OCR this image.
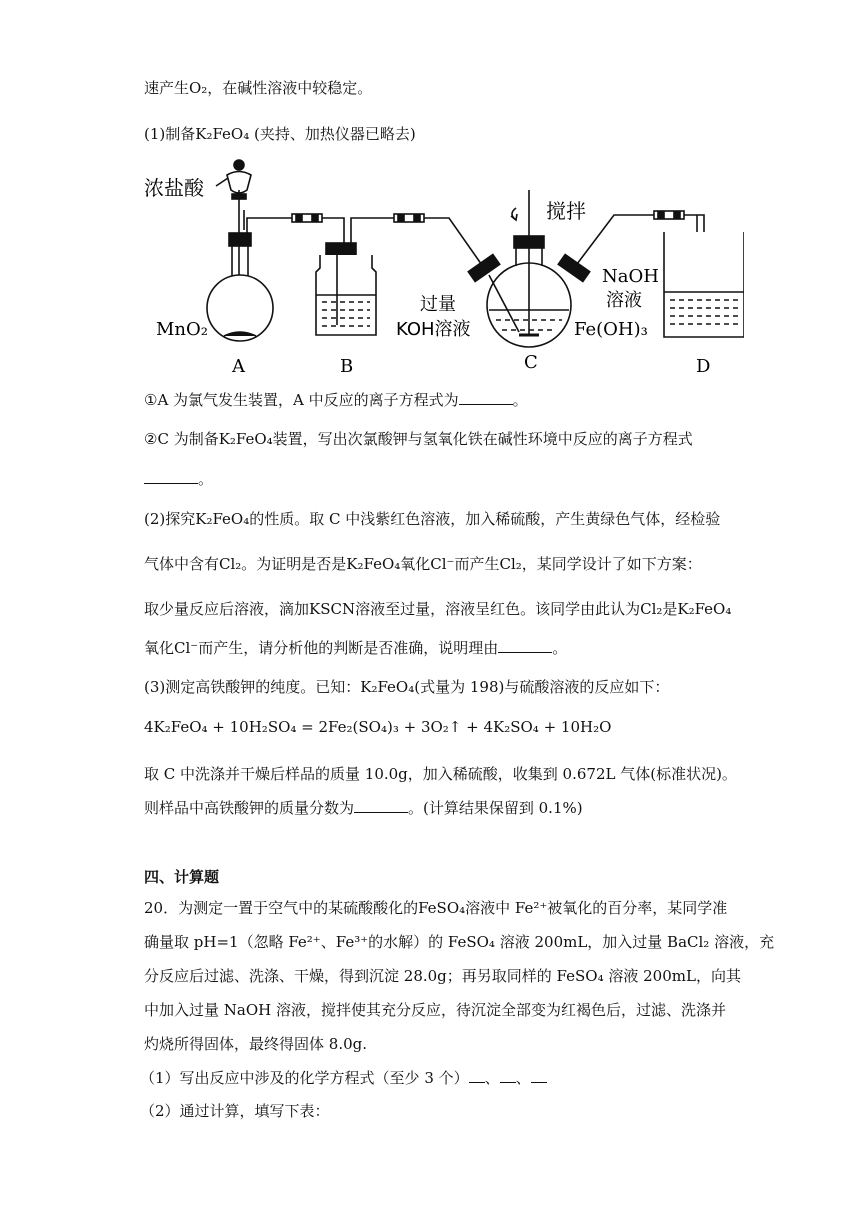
速产生O₂，在碱性溶液中较稳定。
(1)制备K₂FeO₄ (夹持、加热仪器已略去)
浓盐酸
搅拌
NaOH
溶液
过量
KOH溶液	Fe(OH)₃
MnO₂
A	B	C	D
①A 为氯气发生装置，A 中反应的离子方程式为	。
②C 为制备K₂FeO₄装置，写出次氯酸钾与氢氧化铁在碱性环境中反应的离子方程式
。
(2)探究K₂FeO₄的性质。取 C 中浅紫红色溶液，加入稀硫酸，产生黄绿色气体，经检验
气体中含有Cl₂。为证明是否是K₂FeO₄氧化Cl⁻而产生Cl₂，某同学设计了如下方案：
取少量反应后溶液，滴加KSCN溶液至过量，溶液呈红色。该同学由此认为Cl₂是K₂FeO₄
氧化Cl⁻而产生，请分析他的判断是否准确，说明理由	。
(3)测定高铁酸钾的纯度。已知：K₂FeO₄(式量为 198)与硫酸溶液的反应如下：
4K₂FeO₄ + 10H₂SO₄ = 2Fe₂(SO₄)₃ + 3O₂↑ + 4K₂SO₄ + 10H₂O
取 C 中洗涤并干燥后样品的质量 10.0g，加入稀硫酸，收集到 0.672L 气体(标准状况)。
则样品中高铁酸钾的质量分数为	。(计算结果保留到 0.1%)
四、计算题
20．为测定一置于空气中的某硫酸酸化的FeSO₄溶液中 Fe²⁺被氧化的百分率，某同学准
确量取 pH=1（忽略 Fe²⁺、Fe³⁺的水解）的 FeSO₄ 溶液 200mL，加入过量 BaCl₂ 溶液，充
分反应后过滤、洗涤、干燥，得到沉淀 28.0g；再另取同样的 FeSO₄ 溶液 200mL，向其
中加入过量 NaOH 溶液，搅拌使其充分反应，待沉淀全部变为红褐色后，过滤、洗涤并
灼烧所得固体，最终得固体 8.0g.
（1）写出反应中涉及的化学方程式（至少 3 个） 、 、
（2）通过计算，填写下表：
